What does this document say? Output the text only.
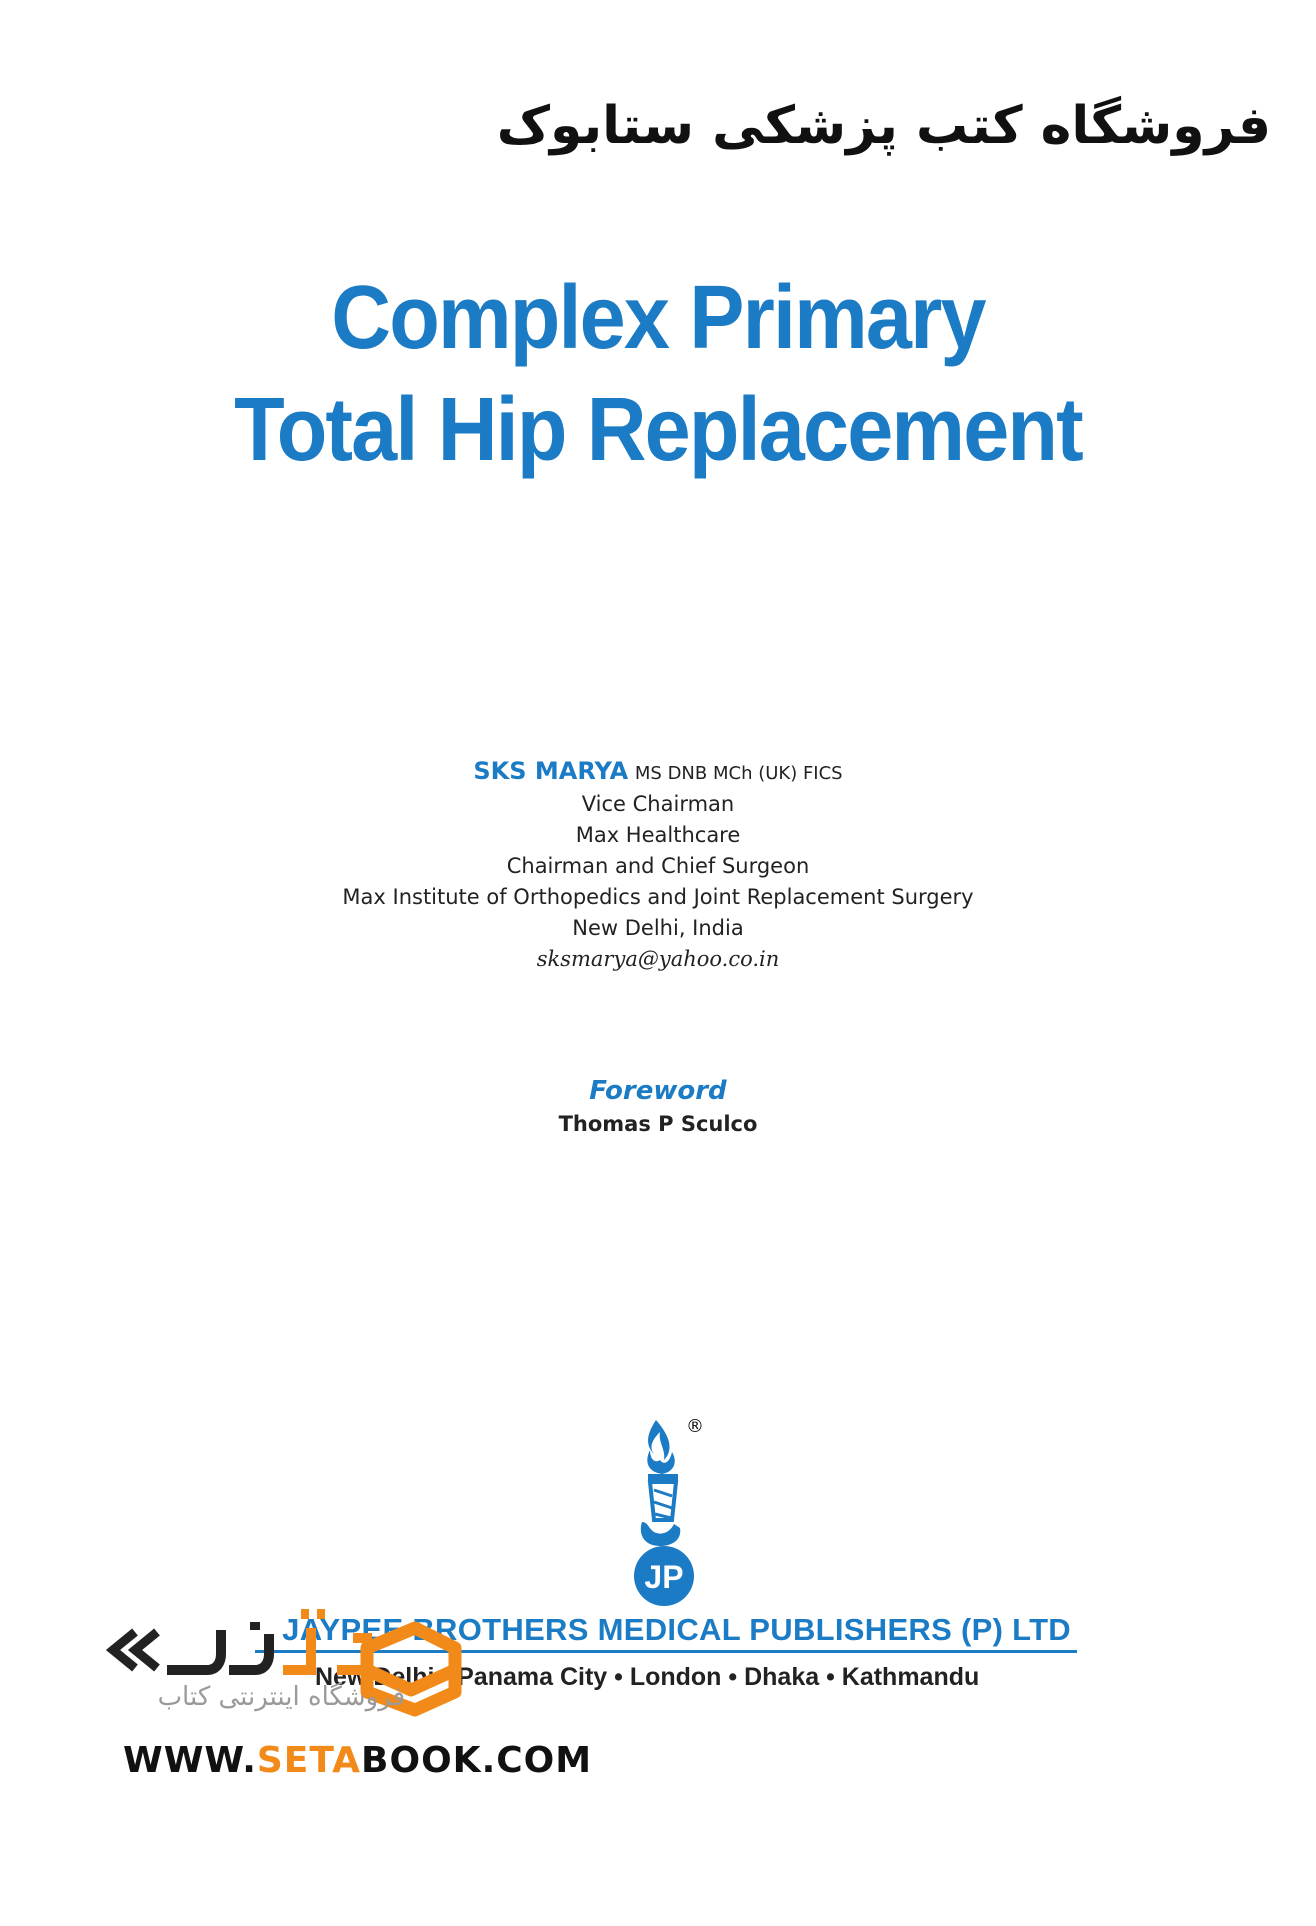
فروشگاه کتب پزشکی ستابوک
Complex Primary
Total Hip Replacement
SKS MARYA MS DNB MCh (UK) FICS
Vice Chairman
Max Healthcare
Chairman and Chief Surgeon
Max Institute of Orthopedics and Joint Replacement Surgery
New Delhi, India
sksmarya@yahoo.co.in
Foreword
Thomas P Sculco
®
JP
JAYPEE BROTHERS MEDICAL PUBLISHERS (P) LTD
New Delhi • Panama City • London • Dhaka • Kathmandu
فروشگاه اینترنتی کتاب
WWW.SETABOOK.COM
